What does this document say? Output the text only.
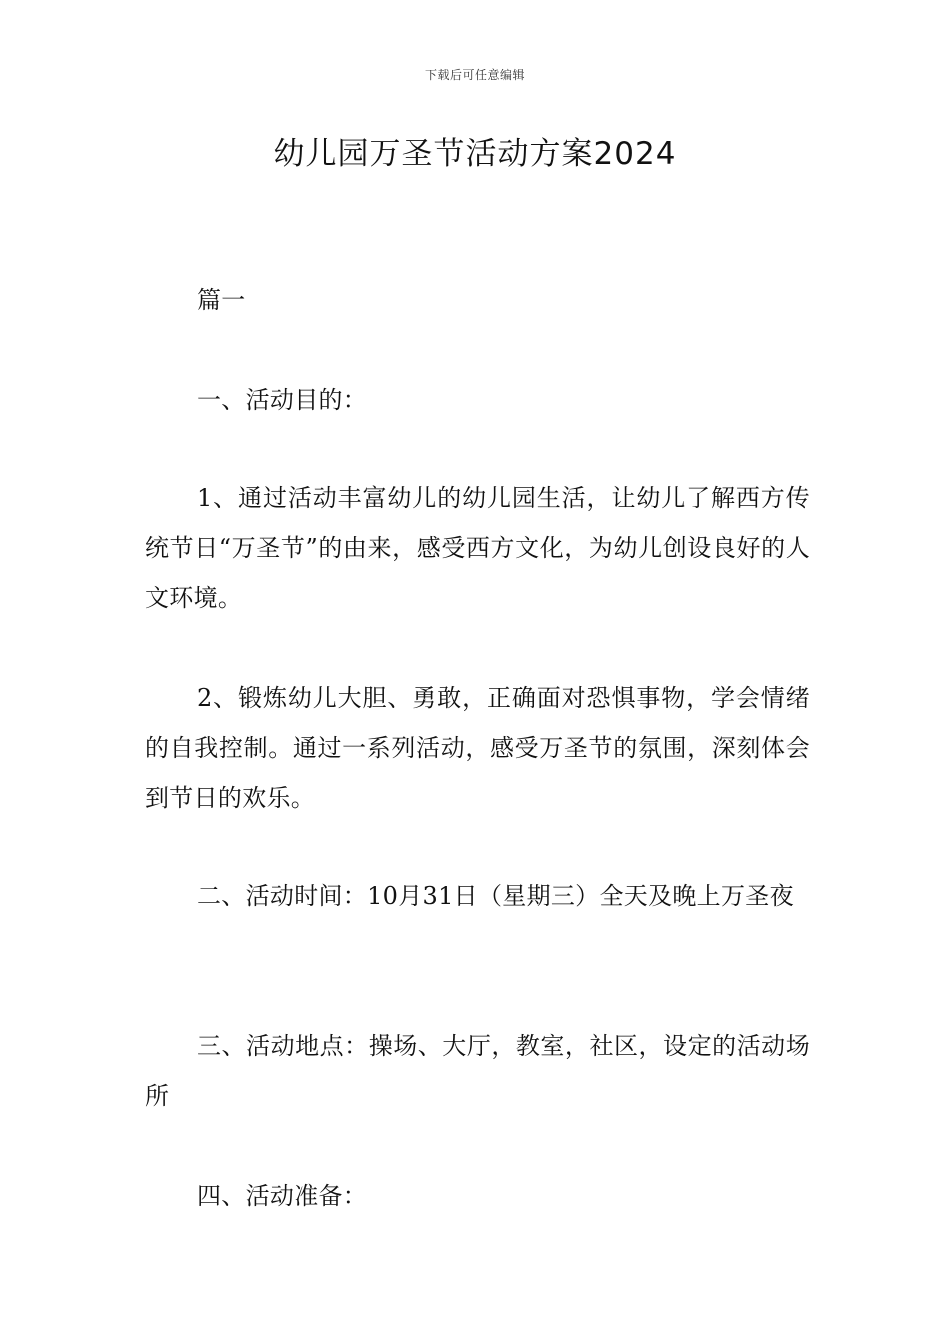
下载后可任意编辑
幼儿园万圣节活动方案2024

篇一

一、活动目的：

1、通过活动丰富幼儿的幼儿园生活，让幼儿了解西方传统节日“万圣节”的由来，感受西方文化，为幼儿创设良好的人文环境。

2、锻炼幼儿大胆、勇敢，正确面对恐惧事物，学会情绪的自我控制。通过一系列活动，感受万圣节的氛围，深刻体会到节日的欢乐。

二、活动时间：10月31日（星期三）全天及晚上万圣夜

三、活动地点：操场、大厅，教室，社区，设定的活动场所

四、活动准备：
